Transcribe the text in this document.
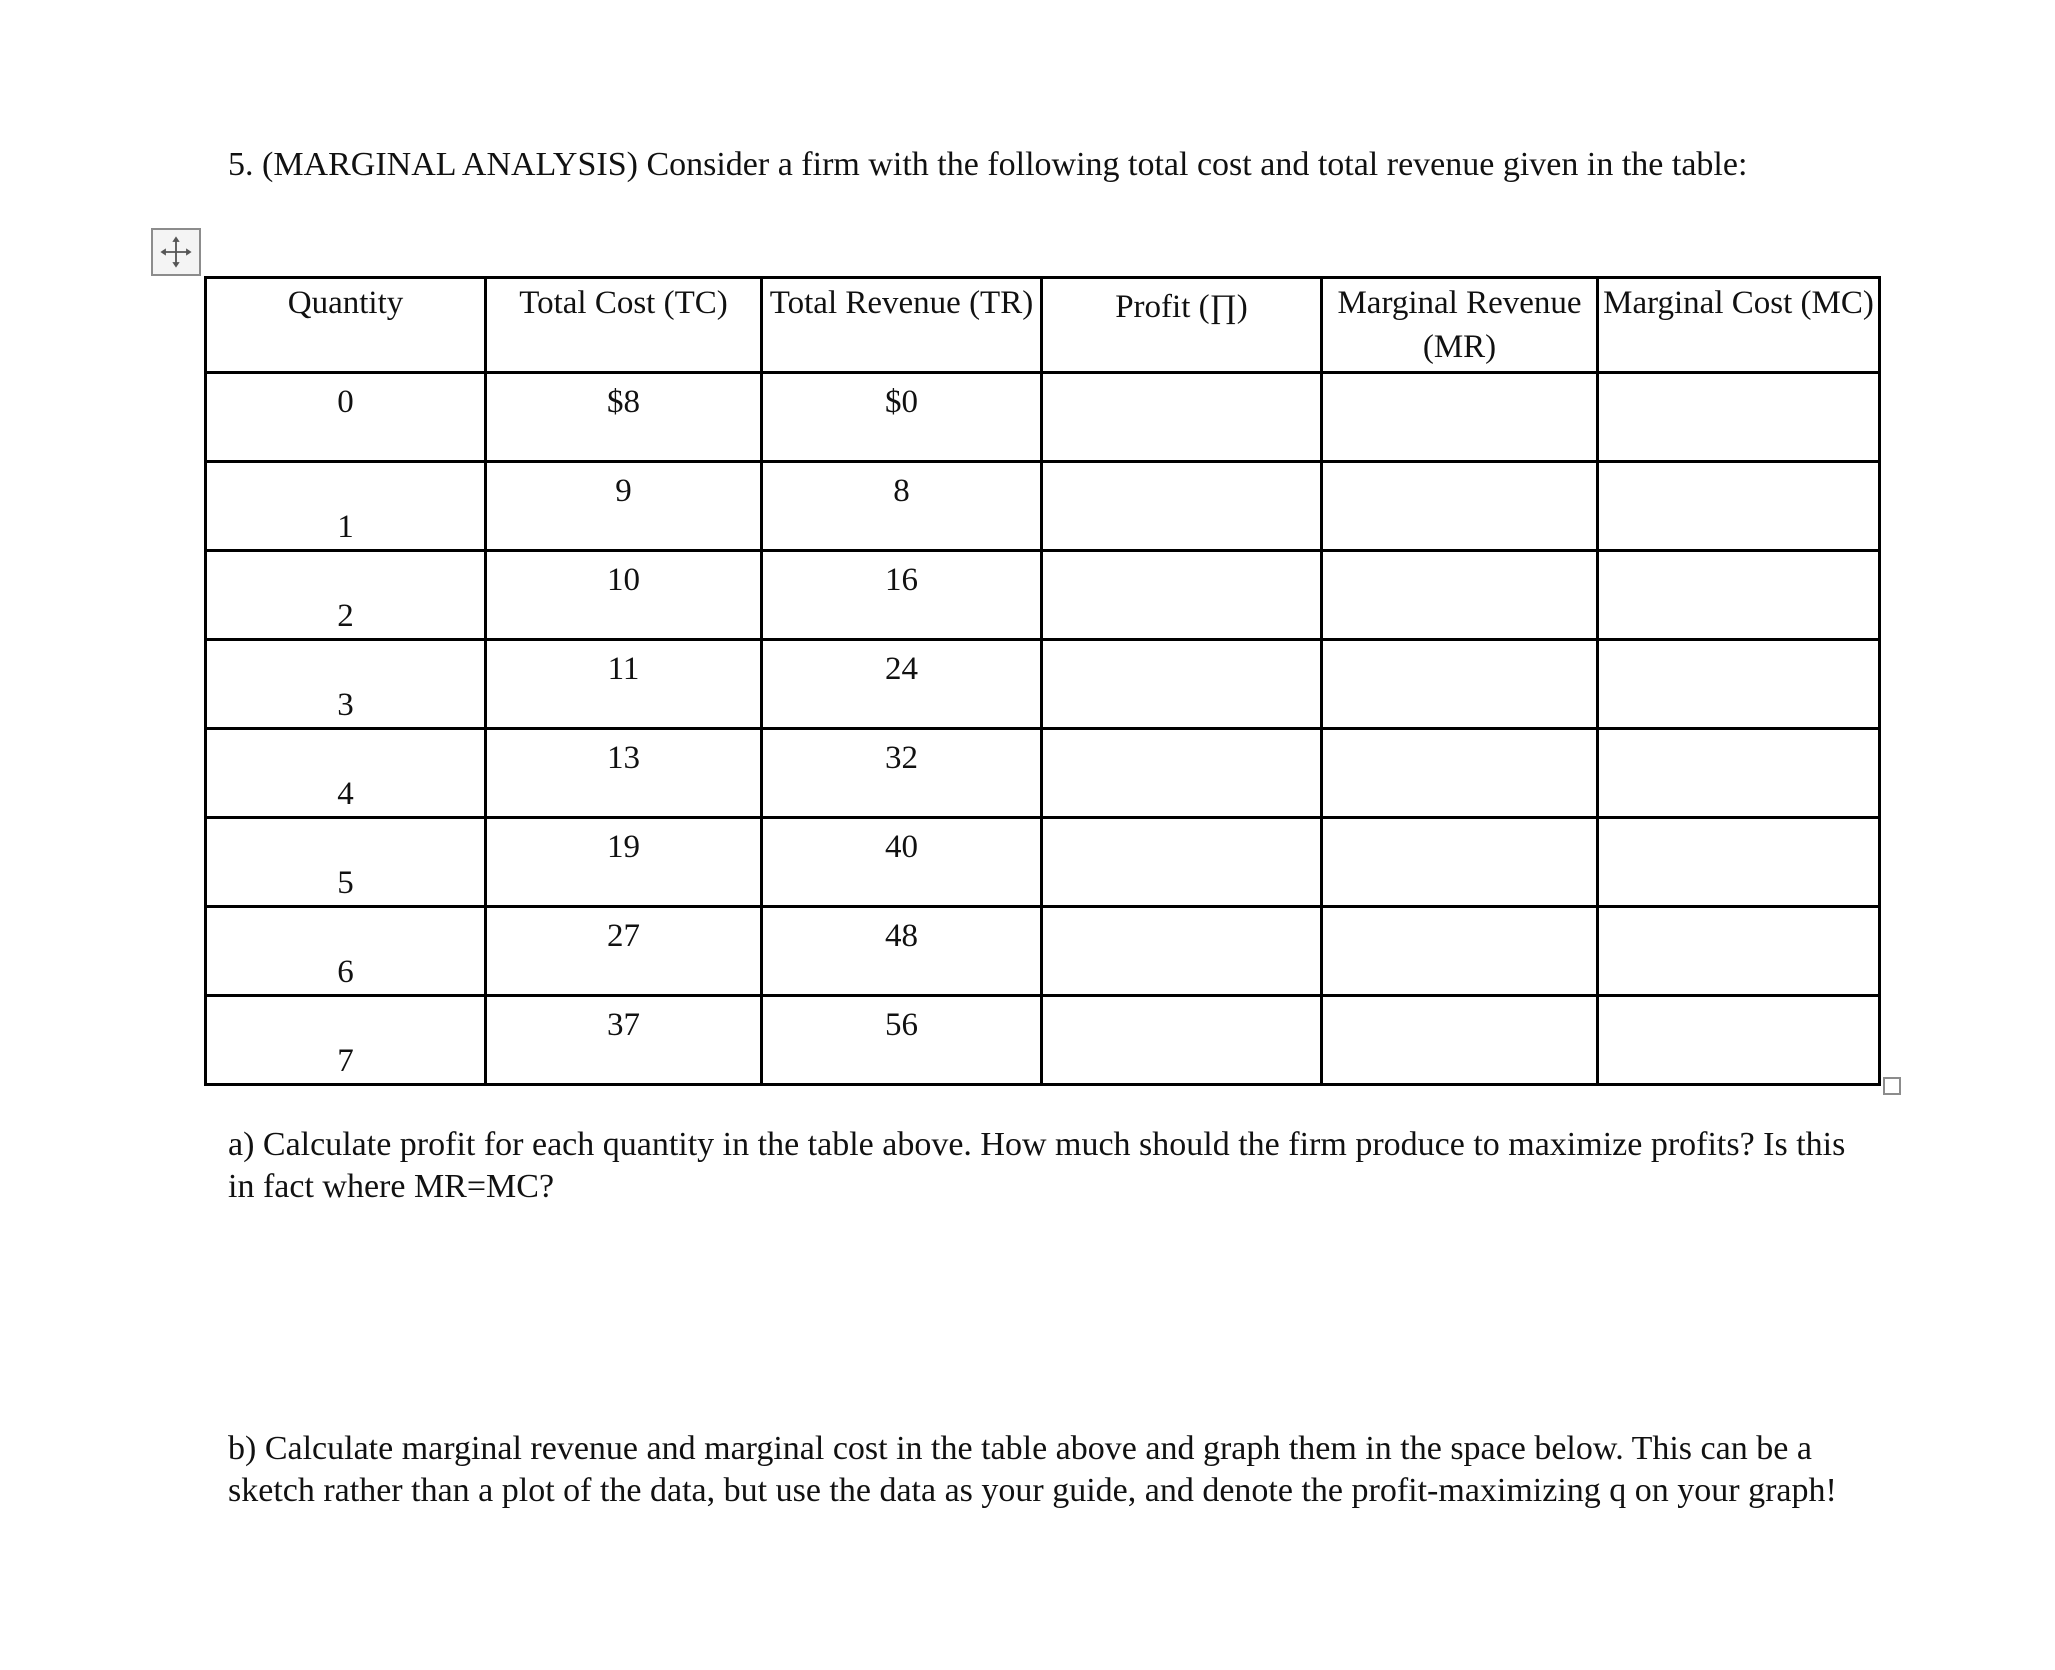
5. (MARGINAL ANALYSIS) Consider a firm with the following total cost and total revenue given in the table:

Quantity	Total Cost (TC)	Total Revenue (TR)	Profit (∏)	Marginal Revenue (MR)	Marginal Cost (MC)

0	$8	$0			

1	9	8			

2	10	16			

3	11	24			

4	13	32			

5	19	40			

6	27	48			

7	37	56			

a) Calculate profit for each quantity in the table above. How much should the firm produce to maximize profits? Is this in fact where MR=MC?

b) Calculate marginal revenue and marginal cost in the table above and graph them in the space below. This can be a sketch rather than a plot of the data, but use the data as your guide, and denote the profit-maximizing q on your graph!
